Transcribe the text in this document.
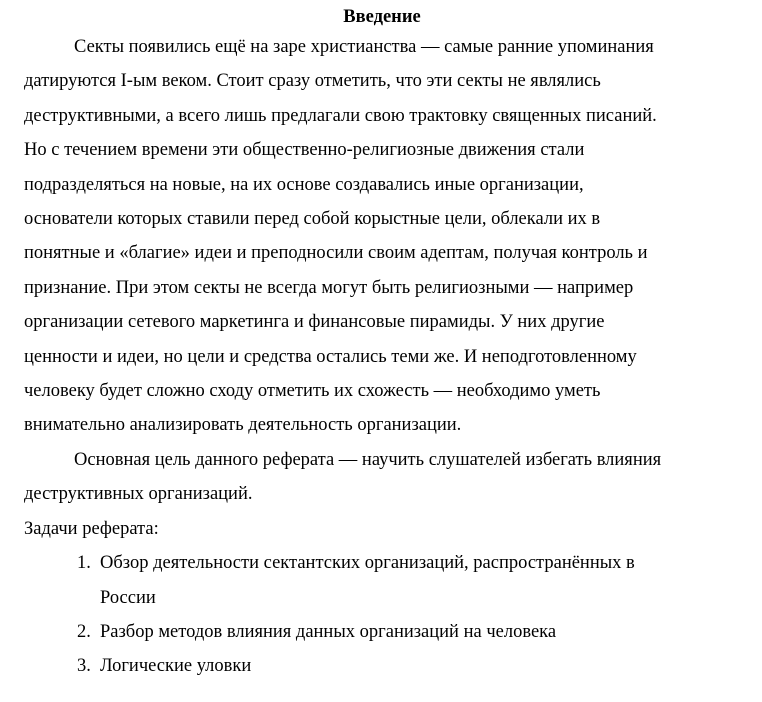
Введение

Секты появились ещё на заре христианства — самые ранние упоминания
датируются I-ым веком. Стоит сразу отметить, что эти секты не являлись
деструктивными, а всего лишь предлагали свою трактовку священных писаний.
Но с течением времени эти общественно-религиозные движения стали
подразделяться на новые, на их основе создавались иные организации,
основатели которых ставили перед собой корыстные цели, облекали их в
понятные и «благие» идеи и преподносили своим адептам, получая контроль и
признание. При этом секты не всегда могут быть религиозными — например
организации сетевого маркетинга и финансовые пирамиды. У них другие
ценности и идеи, но цели и средства остались теми же. И неподготовленному
человеку будет сложно сходу отметить их схожесть — необходимо уметь
внимательно анализировать деятельность организации.

Основная цель данного реферата — научить слушателей избегать влияния
деструктивных организаций.

Задачи реферата:

1. Обзор деятельности сектантских организаций, распространённых в
России
2. Разбор методов влияния данных организаций на человека
3. Логические уловки
